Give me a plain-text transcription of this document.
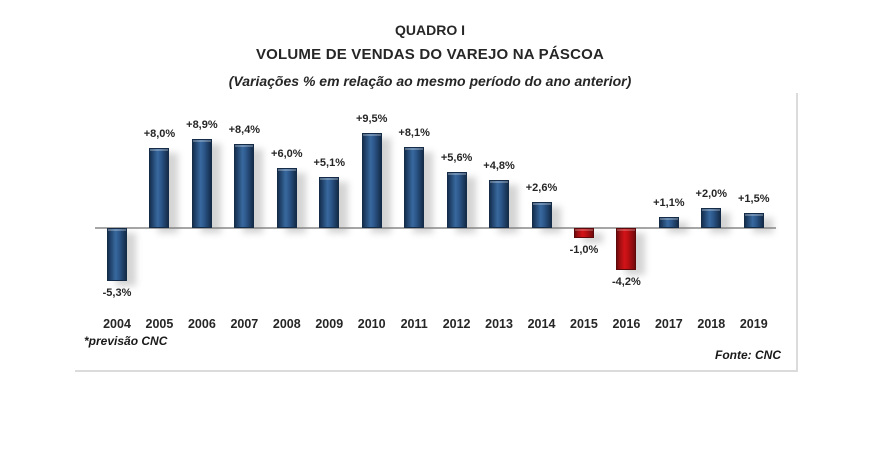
QUADRO I
VOLUME DE VENDAS DO VAREJO NA PÁSCOA
(Variações % em relação ao mesmo período do ano anterior)
-5,3%
2004
+8,0%
2005
+8,9%
2006
+8,4%
2007
+6,0%
2008
+5,1%
2009
+9,5%
2010
+8,1%
2011
+5,6%
2012
+4,8%
2013
+2,6%
2014
-1,0%
2015
-4,2%
2016
+1,1%
2017
+2,0%
2018
+1,5%
2019
*previsão CNC
Fonte: CNC
